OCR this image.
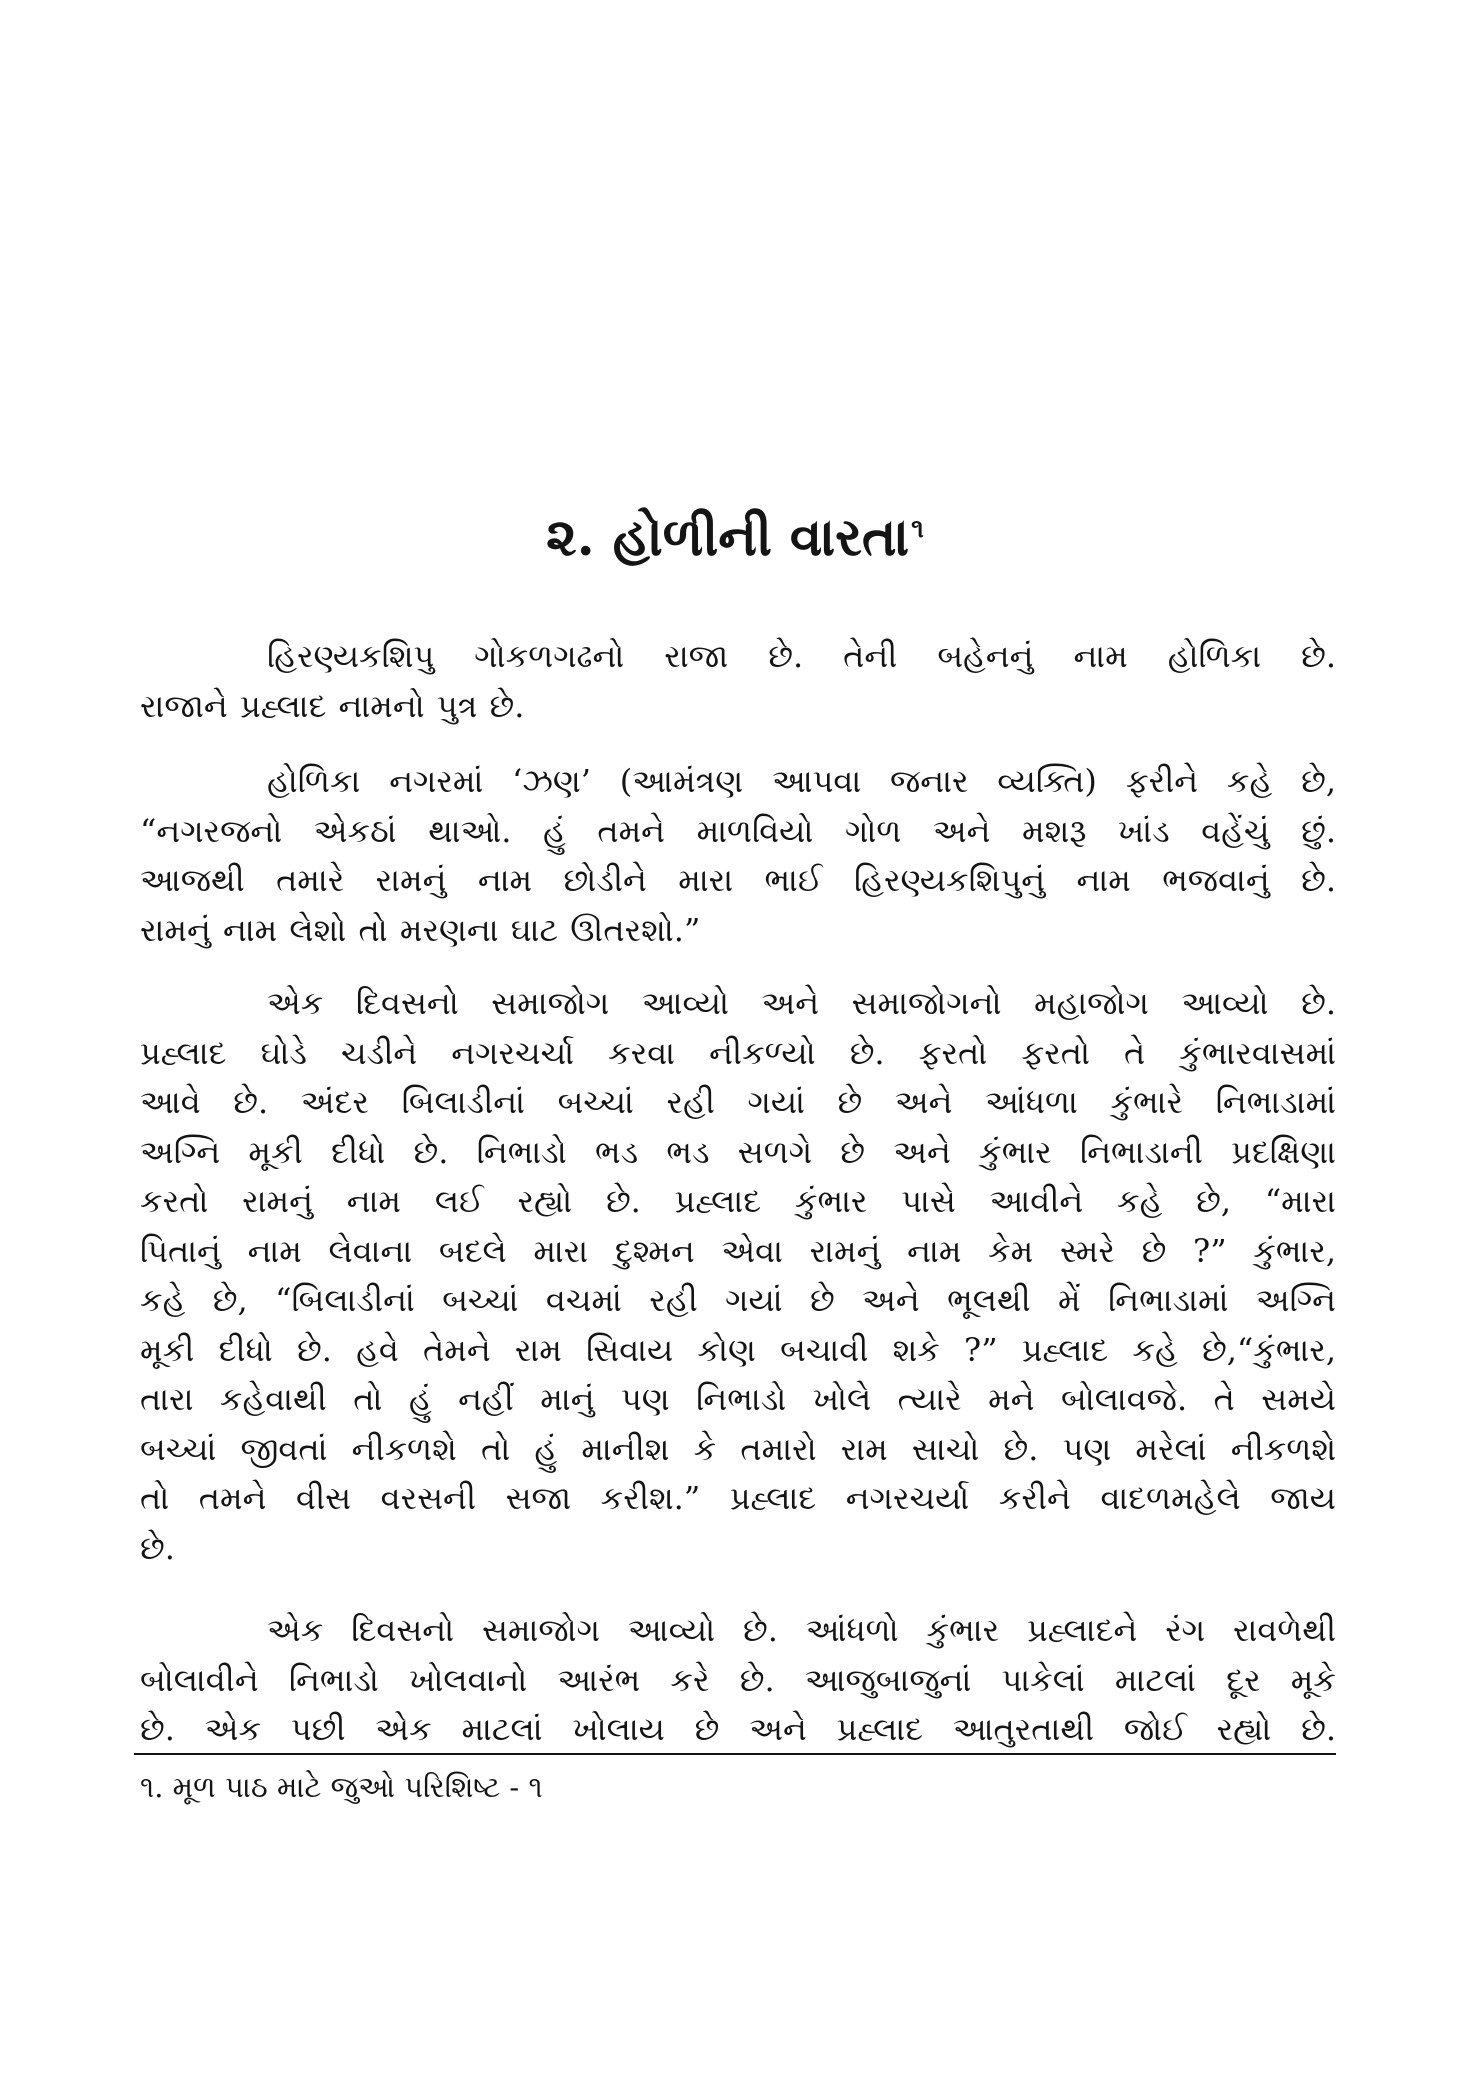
૨. હોળીની વારતા$^૧$
હિરણ્યકશિપુ ગોકળગઢનો રાજા છે. તેની બહેનનું નામ હોળિકા છે.
રાજાને પ્રહ્લાદ નામનો પુત્ર છે.
હોળિકા નગરમાં ‘ઝણ’ (આમંત્રણ આપવા જનાર વ્યક્તિ) ફરીને કહે છે,
“નગરજનો એકઠાં થાઓ. હું તમને માળવિયો ગોળ અને મશરૂ ખાંડ વહેંચું છું.
આજથી તમારે રામનું નામ છોડીને મારા ભાઈ હિરણ્યકશિપુનું નામ ભજવાનું છે.
રામનું નામ લેશો તો મરણના ઘાટ ઊતરશો.”
એક દિવસનો સમાજોગ આવ્યો અને સમાજોગનો મહાજોગ આવ્યો છે.
પ્રહ્લાદ ઘોડે ચડીને નગરચર્ચા કરવા નીકળ્યો છે. ફરતો ફરતો તે કુંભારવાસમાં
આવે છે. અંદર બિલાડીનાં બચ્ચાં રહી ગયાં છે અને આંધળા કુંભારે નિભાડામાં
અગ્નિ મૂકી દીધો છે. નિભાડો ભડ ભડ સળગે છે અને કુંભાર નિભાડાની પ્રદક્ષિણા
કરતો રામનું નામ લઈ રહ્યો છે. પ્રહ્લાદ કુંભાર પાસે આવીને કહે છે, “મારા
પિતાનું નામ લેવાના બદલે મારા દુશ્મન એવા રામનું નામ કેમ સ્મરે છે ?” કુંભાર,
કહે છે, “બિલાડીનાં બચ્ચાં વચમાં રહી ગયાં છે અને ભૂલથી મેં નિભાડામાં અગ્નિ
મૂકી દીધો છે. હવે તેમને રામ સિવાય કોણ બચાવી શકે ?” પ્રહ્લાદ કહે છે,“કુંભાર,
તારા કહેવાથી તો હું નહીં માનું પણ નિભાડો ખોલે ત્યારે મને બોલાવજે. તે સમયે
બચ્ચાં જીવતાં નીકળશે તો હું માનીશ કે તમારો રામ સાચો છે. પણ મરેલાં નીકળશે
તો તમને વીસ વરસની સજા કરીશ.” પ્રહ્લાદ નગરચર્યા કરીને વાદળમહેલે જાય
છે.
એક દિવસનો સમાજોગ આવ્યો છે. આંધળો કુંભાર પ્રહ્લાદને રંગ રાવળેથી
બોલાવીને નિભાડો ખોલવાનો આરંભ કરે છે. આજુબાજુનાં પાકેલાં માટલાં દૂર મૂકે
છે. એક પછી એક માટલાં ખોલાય છે અને પ્રહ્લાદ આતુરતાથી જોઈ રહ્યો છે.
૧. મૂળ પાઠ માટે જુઓ પરિશિષ્ટ - ૧
